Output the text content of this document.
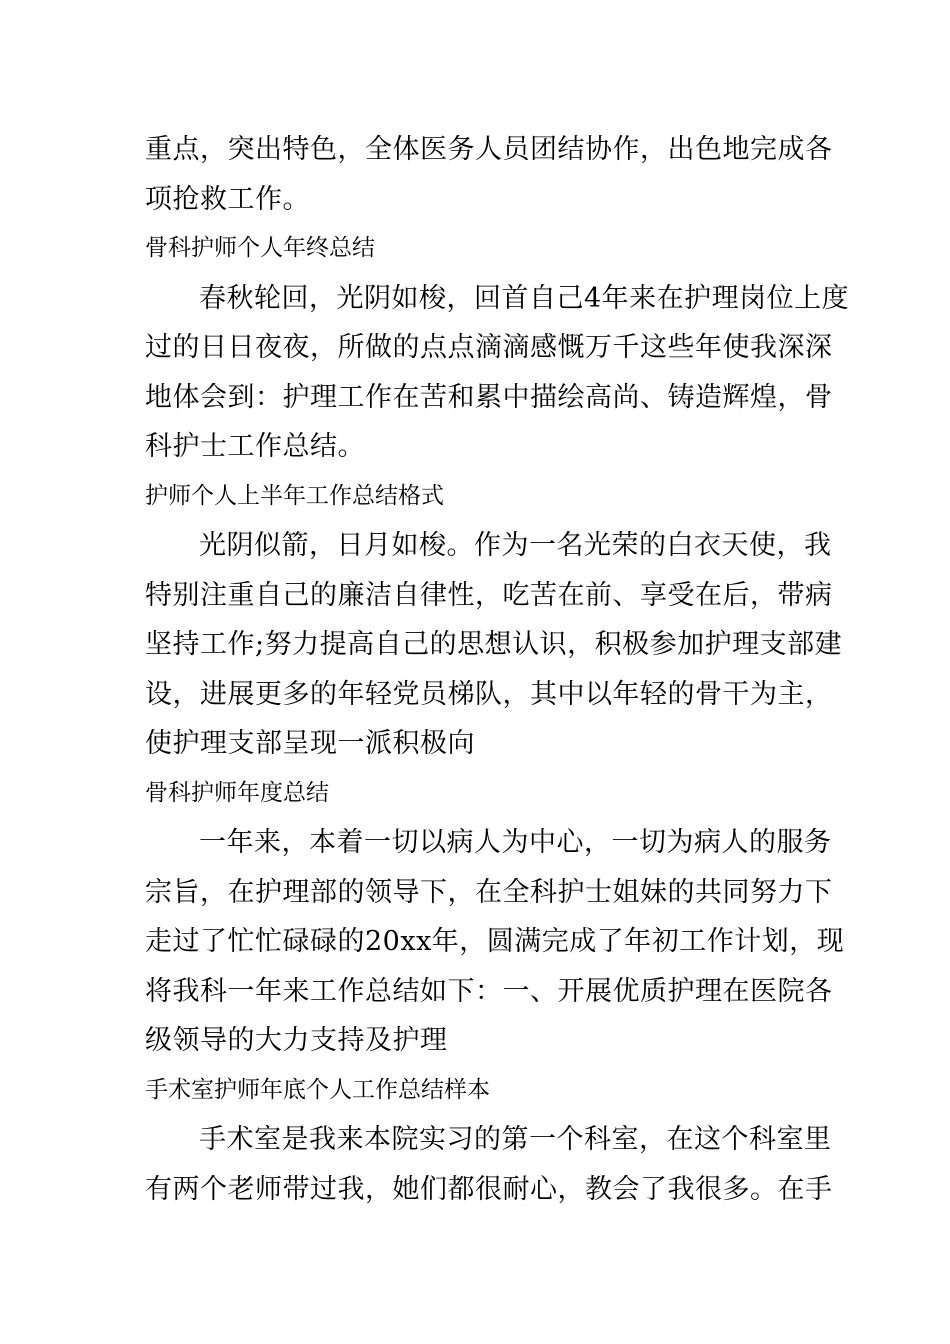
重点，突出特色，全体医务人员团结协作，出色地完成各
项抢救工作。
骨科护师个人年终总结
春秋轮回，光阴如梭，回首自己4年来在护理岗位上度
过的日日夜夜，所做的点点滴滴感慨万千这些年使我深深
地体会到：护理工作在苦和累中描绘高尚、铸造辉煌，骨
科护士工作总结。
护师个人上半年工作总结格式
光阴似箭，日月如梭。作为一名光荣的白衣天使，我
特别注重自己的廉洁自律性，吃苦在前、享受在后，带病
坚持工作;努力提高自己的思想认识，积极参加护理支部建
设，进展更多的年轻党员梯队，其中以年轻的骨干为主，
使护理支部呈现一派积极向
骨科护师年度总结
一年来，本着一切以病人为中心，一切为病人的服务
宗旨，在护理部的领导下，在全科护士姐妹的共同努力下
走过了忙忙碌碌的20xx年，圆满完成了年初工作计划，现
将我科一年来工作总结如下：一、开展优质护理在医院各
级领导的大力支持及护理
手术室护师年底个人工作总结样本
手术室是我来本院实习的第一个科室，在这个科室里
有两个老师带过我，她们都很耐心，教会了我很多。在手
